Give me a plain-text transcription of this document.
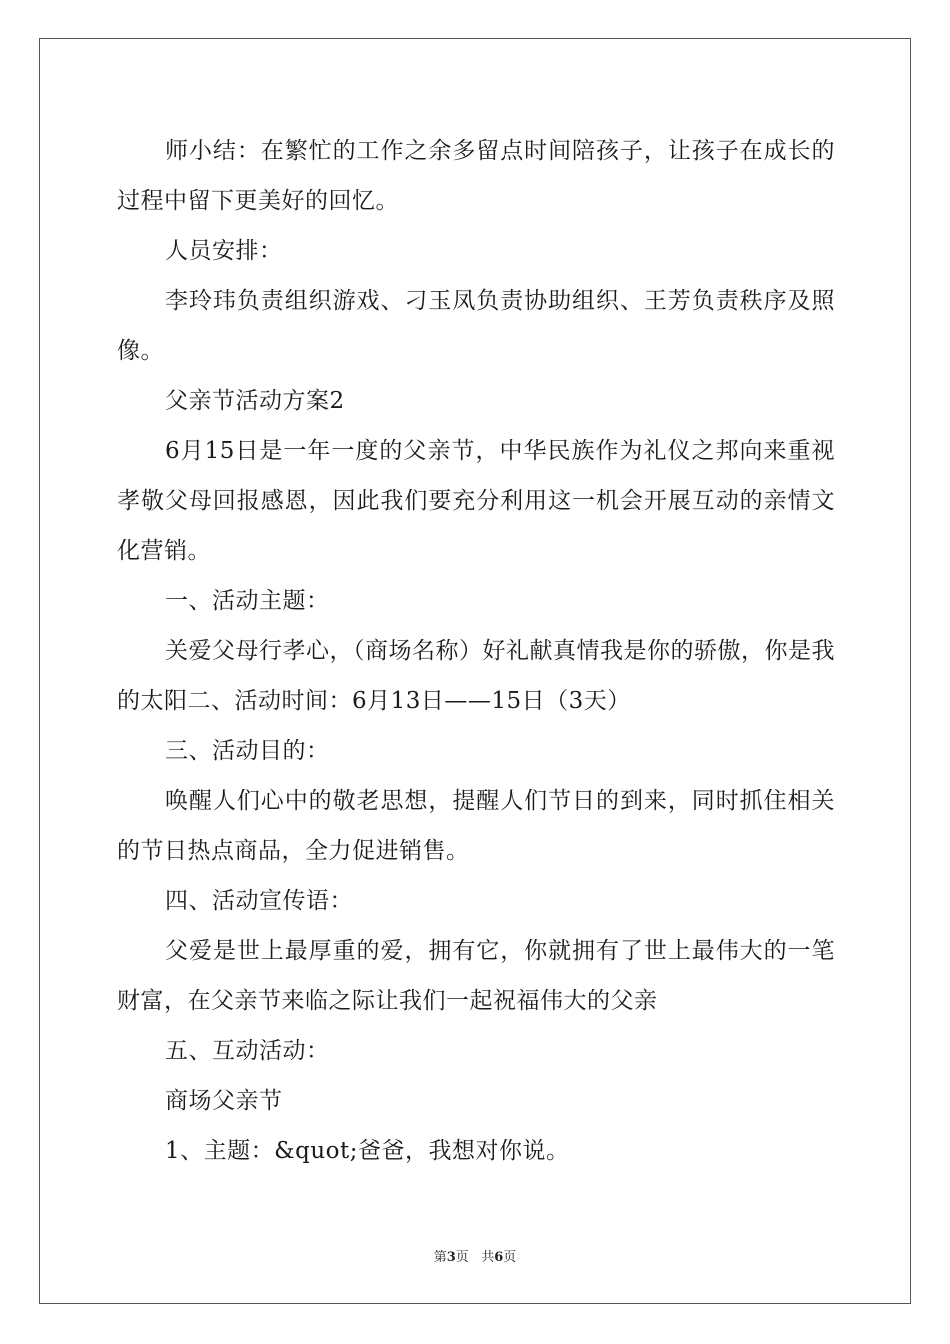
师小结：在繁忙的工作之余多留点时间陪孩子，让孩子在成长的过程中留下更美好的回忆。

人员安排：

李玲玮负责组织游戏、刁玉凤负责协助组织、王芳负责秩序及照像。

父亲节活动方案2

6月15日是一年一度的父亲节，中华民族作为礼仪之邦向来重视孝敬父母回报感恩，因此我们要充分利用这一机会开展互动的亲情文化营销。

一、活动主题：

关爱父母行孝心，（商场名称）好礼献真情我是你的骄傲，你是我的太阳二、活动时间：6月13日——15日（3天）

三、活动目的：

唤醒人们心中的敬老思想，提醒人们节日的到来，同时抓住相关的节日热点商品，全力促进销售。

四、活动宣传语：

父爱是世上最厚重的爱，拥有它，你就拥有了世上最伟大的一笔财富，在父亲节来临之际让我们一起祝福伟大的父亲

五、互动活动：

商场父亲节

1、主题：&quot;爸爸，我想对你说。

第3页 共6页
